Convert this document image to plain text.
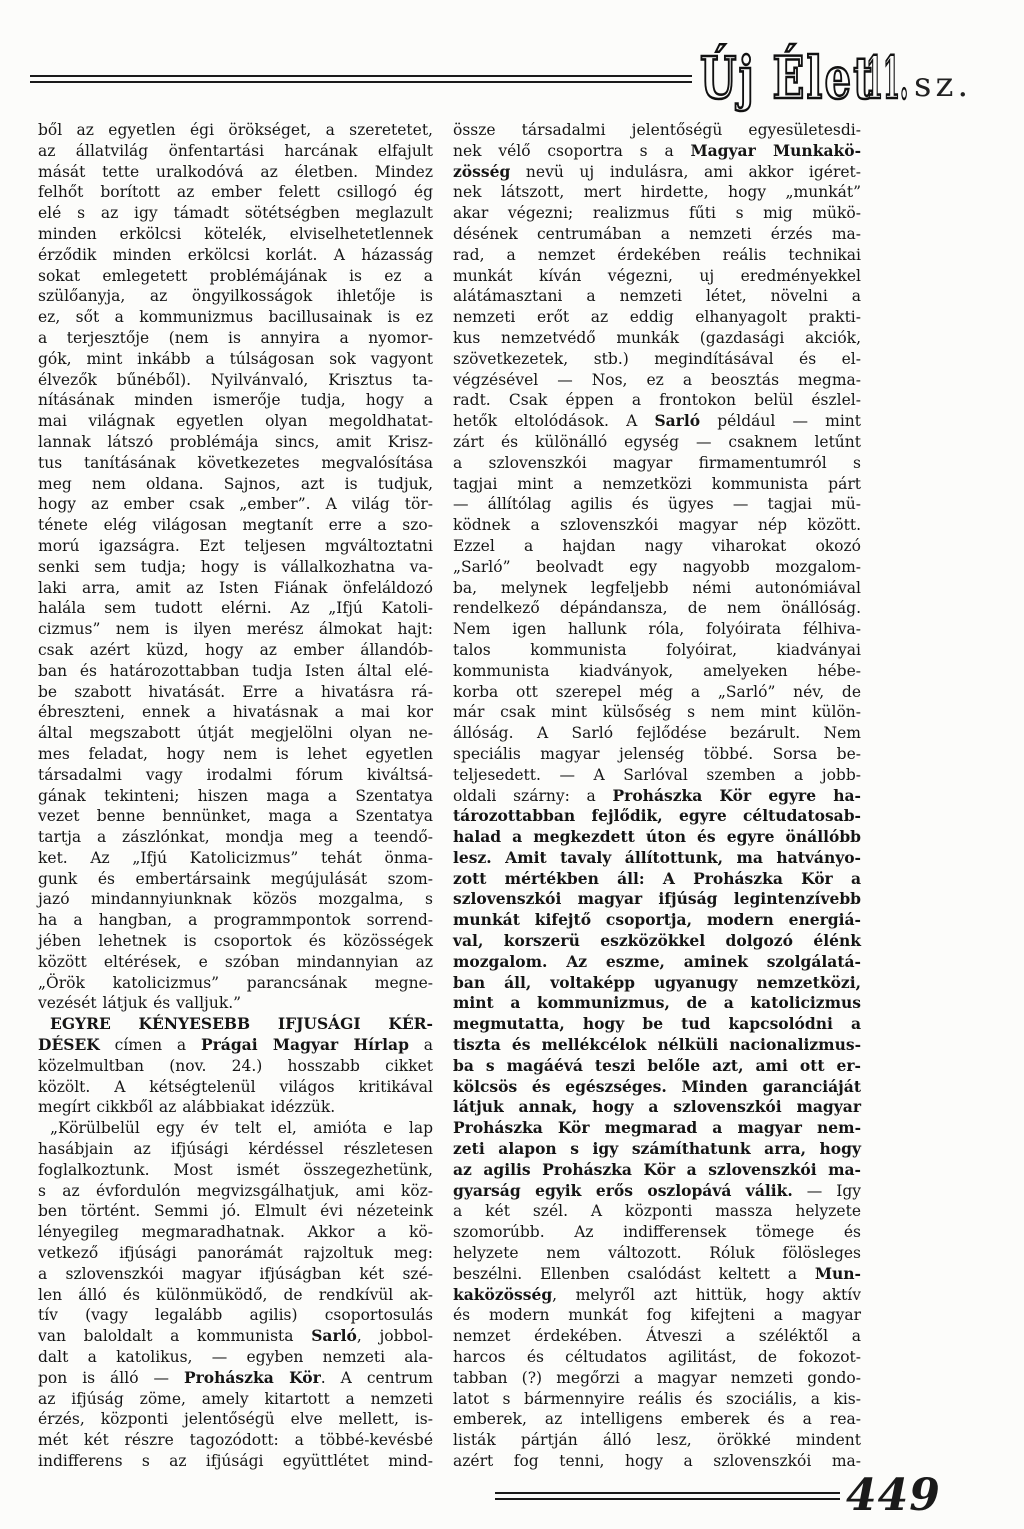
Új Élet
11. sz.
ből az egyetlen égi örökséget, a szeretetet,
az állatvilág önfentartási harcának elfajult
mását tette uralkodóvá az életben. Mindez
felhőt borított az ember felett csillogó ég
elé s az igy támadt sötétségben meglazult
minden erkölcsi kötelék, elviselhetetlennek
érződik minden erkölcsi korlát. A házasság
sokat emlegetett problémájának is ez a
szülőanyja, az öngyilkosságok ihletője is
ez, sőt a kommunizmus bacillusainak is ez
a terjesztője (nem is annyira a nyomor-
gók, mint inkább a túlságosan sok vagyont
élvezők bűnéből). Nyilvánvaló, Krisztus ta-
nításának minden ismerője tudja, hogy a
mai világnak egyetlen olyan megoldhatat-
lannak látszó problémája sincs, amit Krisz-
tus tanításának következetes megvalósítása
meg nem oldana. Sajnos, azt is tudjuk,
hogy az ember csak „ember”. A világ tör-
ténete elég világosan megtanít erre a szo-
morú igazságra. Ezt teljesen mgváltoztatni
senki sem tudja; hogy is vállalkozhatna va-
laki arra, amit az Isten Fiának önfeláldozó
halála sem tudott elérni. Az „Ifjú Katoli-
cizmus” nem is ilyen merész álmokat hajt:
csak azért küzd, hogy az ember állandób-
ban és határozottabban tudja Isten által elé-
be szabott hivatását. Erre a hivatásra rá-
ébreszteni, ennek a hivatásnak a mai kor
által megszabott útját megjelölni olyan ne-
mes feladat, hogy nem is lehet egyetlen
társadalmi vagy irodalmi fórum kiváltsá-
gának tekinteni; hiszen maga a Szentatya
vezet benne bennünket, maga a Szentatya
tartja a zászlónkat, mondja meg a teendő-
ket. Az „Ifjú Katolicizmus” tehát önma-
gunk és embertársaink megújulását szom-
jazó mindannyiunknak közös mozgalma, s
ha a hangban, a programmpontok sorrend-
jében lehetnek is csoportok és közösségek
között eltérések, e szóban mindannyian az
„Örök katolicizmus” parancsának megne-
vezését látjuk és valljuk.”
EGYRE KÉNYESEBB IFJUSÁGI KÉR-
DÉSEK címen a Prágai Magyar Hírlap a
közelmultban (nov. 24.) hosszabb cikket
közölt. A kétségtelenül világos kritikával
megírt cikkből az alábbiakat idézzük.
„Körülbelül egy év telt el, amióta e lap
hasábjain az ifjúsági kérdéssel részletesen
foglalkoztunk. Most ismét összegezhetünk,
s az évfordulón megvizsgálhatjuk, ami köz-
ben történt. Semmi jó. Elmult évi nézeteink
lényegileg megmaradhatnak. Akkor a kö-
vetkező ifjúsági panorámát rajzoltuk meg:
a szlovenszkói magyar ifjúságban két szé-
len álló és különmüködő, de rendkívül ak-
tív (vagy legalább agilis) csoportosulás
van baloldalt a kommunista Sarló, jobbol-
dalt a katolikus, — egyben nemzeti ala-
pon is álló — Prohászka Kör. A centrum
az ifjúság zöme, amely kitartott a nemzeti
érzés, központi jelentőségü elve mellett, is-
mét két részre tagozódott: a többé-kevésbé
indifferens s az ifjúsági együttlétet mind-
össze társadalmi jelentőségü egyesületesdi-
nek vélő csoportra s a Magyar Munkakö-
zösség nevü uj indulásra, ami akkor igéret-
nek látszott, mert hirdette, hogy „munkát”
akar végezni; realizmus fűti s mig mükö-
désének centrumában a nemzeti érzés ma-
rad, a nemzet érdekében reális technikai
munkát kíván végezni, uj eredményekkel
alátámasztani a nemzeti létet, növelni a
nemzeti erőt az eddig elhanyagolt prakti-
kus nemzetvédő munkák (gazdasági akciók,
szövetkezetek, stb.) megindításával és el-
végzésével — Nos, ez a beosztás megma-
radt. Csak éppen a frontokon belül észlel-
hetők eltolódások. A Sarló például — mint
zárt és különálló egység — csaknem letűnt
a szlovenszkói magyar firmamentumról s
tagjai mint a nemzetközi kommunista párt
— állítólag agilis és ügyes — tagjai mü-
ködnek a szlovenszkói magyar nép között.
Ezzel a hajdan nagy viharokat okozó
„Sarló” beolvadt egy nagyobb mozgalom-
ba, melynek legfeljebb némi autonómiával
rendelkező dépándansza, de nem önállóság.
Nem igen hallunk róla, folyóirata félhiva-
talos kommunista folyóirat, kiadványai
kommunista kiadványok, amelyeken hébe-
korba ott szerepel még a „Sarló” név, de
már csak mint külsőség s nem mint külön-
állóság. A Sarló fejlődése bezárult. Nem
speciális magyar jelenség többé. Sorsa be-
teljesedett. — A Sarlóval szemben a jobb-
oldali szárny: a Prohászka Kör egyre ha-
tározottabban fejlődik, egyre céltudatosab-
halad a megkezdett úton és egyre önállóbb
lesz. Amit tavaly állítottunk, ma hatványo-
zott mértékben áll: A Prohászka Kör a
szlovenszkói magyar ifjúság legintenzívebb
munkát kifejtő csoportja, modern energiá-
val, korszerü eszközökkel dolgozó élénk
mozgalom. Az eszme, aminek szolgálatá-
ban áll, voltaképp ugyanugy nemzetközi,
mint a kommunizmus, de a katolicizmus
megmutatta, hogy be tud kapcsolódni a
tiszta és mellékcélok nélküli nacionalizmus-
ba s magáévá teszi belőle azt, ami ott er-
kölcsös és egészséges. Minden garanciáját
látjuk annak, hogy a szlovenszkói magyar
Prohászka Kör megmarad a magyar nem-
zeti alapon s igy számíthatunk arra, hogy
az agilis Prohászka Kör a szlovenszkói ma-
gyarság egyik erős oszlopává válik. — Igy
a két szél. A központi massza helyzete
szomorúbb. Az indifferensek tömege és
helyzete nem változott. Róluk fölösleges
beszélni. Ellenben csalódást keltett a Mun-
kaközösség, melyről azt hittük, hogy aktív
és modern munkát fog kifejteni a magyar
nemzet érdekében. Átveszi a széléktől a
harcos és céltudatos agilitást, de fokozot-
tabban (?) megőrzi a magyar nemzeti gondo-
latot s bármennyire reális és szociális, a kis-
emberek, az intelligens emberek és a rea-
listák pártján álló lesz, örökké mindent
azért fog tenni, hogy a szlovenszkói ma-
449
